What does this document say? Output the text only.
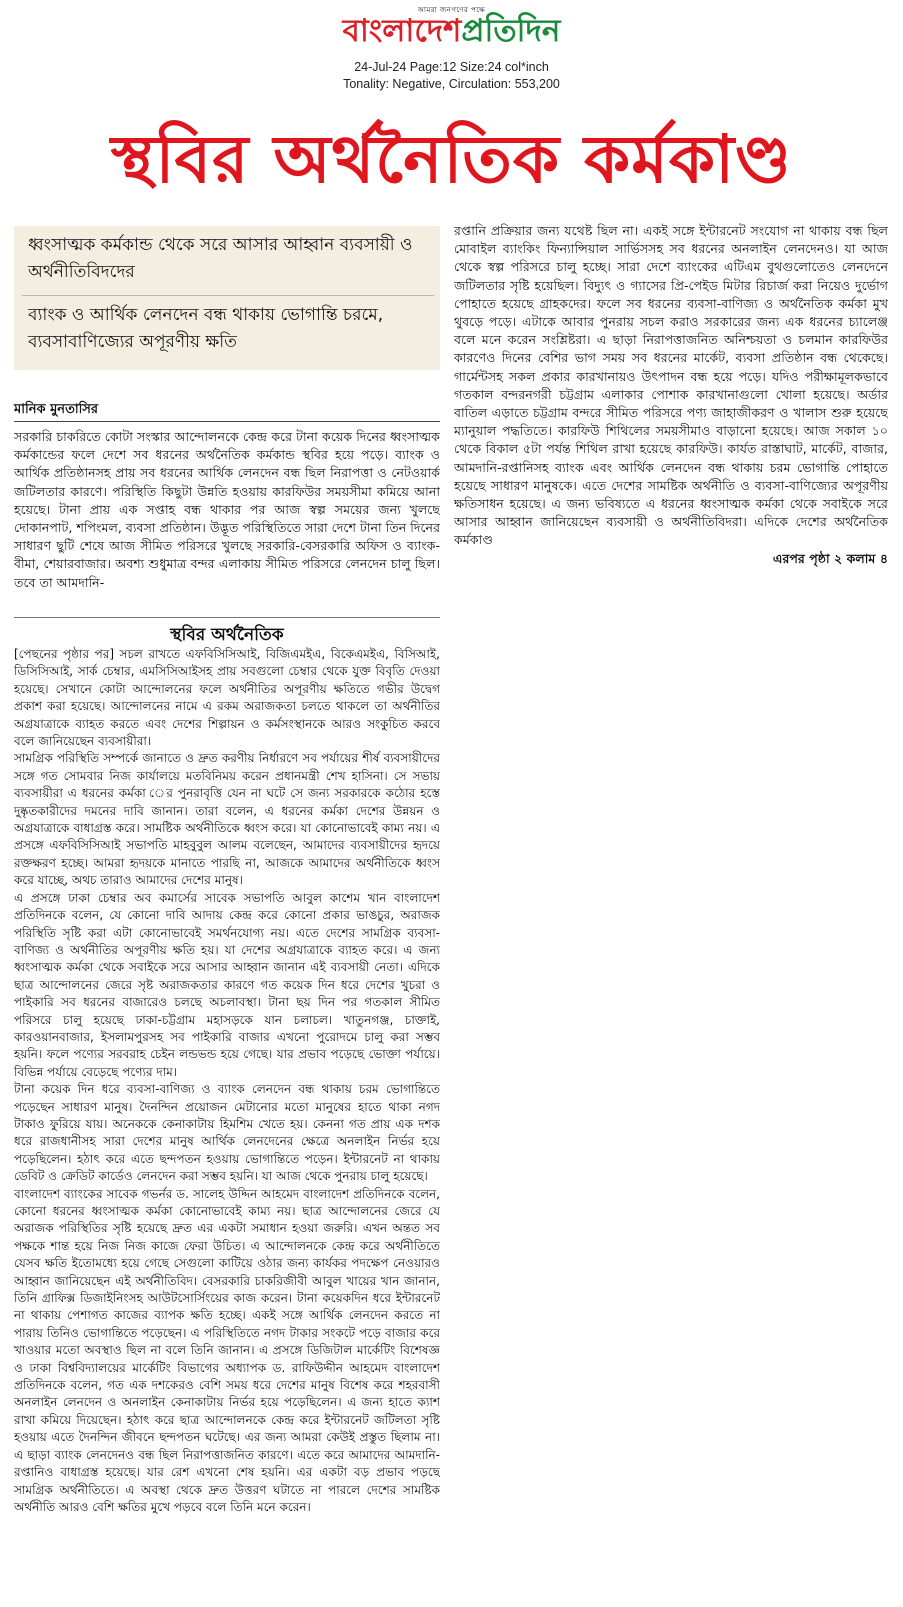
আমরা জনগণের পক্ষে
বাংলাদেশপ্রতিদিন
24-Jul-24 Page:12 Size:24 col*inch
Tonality: Negative, Circulation: 553,200
স্থবির অর্থনৈতিক কর্মকাণ্ড
ধ্বংসাত্মক কর্মকান্ড থেকে সরে আসার আহ্বান ব্যবসায়ী ও অর্থনীতিবিদদের
ব্যাংক ও আর্থিক লেনদেন বন্ধ থাকায় ভোগান্তি চরমে, ব্যবসাবাণিজ্যের অপূরণীয় ক্ষতি
মানিক মুনতাসির

সরকারি চাকরিতে কোটা সংস্কার আন্দোলনকে কেন্দ্র করে টানা কয়েক দিনের ধ্বংসাত্মক কর্মকান্ডের ফলে দেশে সব ধরনের অর্থনৈতিক কর্মকান্ড স্থবির হয়ে পড়ে। ব্যাংক ও আর্থিক প্রতিষ্ঠানসহ প্রায় সব ধরনের আর্থিক লেনদেন বন্ধ ছিল নিরাপত্তা ও নেটওয়ার্ক জটিলতার কারণে। পরিস্থিতি কিছুটা উন্নতি হওয়ায় কারফিউর সময়সীমা কমিয়ে আনা হয়েছে। টানা প্রায় এক সপ্তাহ বন্ধ থাকার পর আজ স্বল্প সময়ের জন্য খুলছে দোকানপাট, শপিংমল, ব্যবসা প্রতিষ্ঠান। উদ্ভূত পরিস্থিতিতে সারা দেশে টানা তিন দিনের সাধারণ ছুটি শেষে আজ সীমিত পরিসরে খুলছে সরকারি-বেসরকারি অফিস ও ব্যাংক-বীমা, শেয়ারবাজার। অবশ্য শুধুমাত্র বন্দর এলাকায় সীমিত পরিসরে লেনদেন চালু ছিল। তবে তা আমদানি-

রপ্তানি প্রক্রিয়ার জন্য যথেষ্ট ছিল না। একই সঙ্গে ইন্টারনেট সংযোগ না থাকায় বন্ধ ছিল মোবাইল ব্যাংকিং ফিন্যান্সিয়াল সার্ভিসসহ সব ধরনের অনলাইন লেনদেনও। যা আজ থেকে স্বল্প পরিসরে চালু হচ্ছে। সারা দেশে ব্যাংকের এটিএম বুথগুলোতেও লেনদেনে জটিলতার সৃষ্টি হয়েছিল। বিদ্যুৎ ও গ্যাসের প্রি-পেইড মিটার রিচার্জ করা নিয়েও দুর্ভোগ পোহাতে হয়েছে গ্রাহকদের। ফলে সব ধরনের ব্যবসা-বাণিজ্য ও অর্থনৈতিক কর্মকা মুখ থুবড়ে পড়ে। এটাকে আবার পুনরায় সচল করাও সরকারের জন্য এক ধরনের চ্যালেঞ্জ বলে মনে করেন সংশ্লিষ্টরা। এ ছাড়া নিরাপত্তাজনিত অনিশ্চয়তা ও চলমান কারফিউর কারণেও দিনের বেশির ভাগ সময় সব ধরনের মার্কেট, ব্যবসা প্রতিষ্ঠান বন্ধ থেকেছে। গার্মেন্টসহ সকল প্রকার কারখানায়ও উৎপাদন বন্ধ হয়ে পড়ে। যদিও পরীক্ষামূলকভাবে গতকাল বন্দরনগরী চট্টগ্রাম এলাকার পোশাক কারখানাগুলো খোলা হয়েছে। অর্ডার বাতিল এড়াতে চট্টগ্রাম বন্দরে সীমিত পরিসরে পণ্য জাহাজীকরণ ও খালাস শুরু হয়েছে ম্যানুয়াল পদ্ধতিতে। কারফিউ শিথিলের সময়সীমাও বাড়ানো হয়েছে। আজ সকাল ১০ থেকে বিকাল ৫টা পর্যন্ত শিথিল রাখা হয়েছে কারফিউ। কার্যত রাস্তাঘাট, মার্কেট, বাজার, আমদানি-রপ্তানিসহ ব্যাংক এবং আর্থিক লেনদেন বন্ধ থাকায় চরম ভোগান্তি পোহাতে হয়েছে সাধারণ মানুষকে। এতে দেশের সামষ্টিক অর্থনীতি ও ব্যবসা-বাণিজ্যের অপূরণীয় ক্ষতিসাধন হয়েছে। এ জন্য ভবিষ্যতে এ ধরনের ধ্বংসাত্মক কর্মকা থেকে সবাইকে সরে আসার আহ্বান জানিয়েছেন ব্যবসায়ী ও অর্থনীতিবিদরা। এদিকে দেশের অর্থনৈতিক কর্মকাণ্ড

এরপর পৃষ্ঠা ২ কলাম ৪

স্থবির অর্থনৈতিক

[পেছনের পৃষ্ঠার পর] সচল রাখতে এফবিসিসিআই, বিজিএমইএ, বিকেএমইএ, বিসিআই, ডিসিসিআই, সার্ক চেম্বার, এমসিসিআইসহ প্রায় সবগুলো চেম্বার থেকে যুক্ত বিবৃতি দেওয়া হয়েছে। সেখানে কোটা আন্দোলনের ফলে অর্থনীতির অপূরণীয় ক্ষতিতে গভীর উদ্বেগ প্রকাশ করা হয়েছে। আন্দোলনের নামে এ রকম অরাজকতা চলতে থাকলে তা অর্থনীতির অগ্রযাত্রাকে ব্যাহত করতে এবং দেশের শিল্পায়ন ও কর্মসংস্থানকে আরও সংকুচিত করবে বলে জানিয়েছেন ব্যবসায়ীরা।

সামগ্রিক পরিস্থিতি সম্পর্কে জানাতে ও দ্রুত করণীয় নির্ধারণে সব পর্যায়ের শীর্ষ ব্যবসায়ীদের সঙ্গে গত সোমবার নিজ কার্যালয়ে মতবিনিময় করেন প্রধানমন্ত্রী শেখ হাসিনা। সে সভায় ব্যবসায়ীরা এ ধরনের কর্মকা ের পুনরাবৃত্তি যেন না ঘটে সে জন্য সরকারকে কঠোর হস্তে দুষ্কৃতকারীদের দমনের দাবি জানান। তারা বলেন, এ ধরনের কর্মকা দেশের উন্নয়ন ও অগ্রযাত্রাকে বাধাগ্রস্ত করে। সামষ্টিক অর্থনীতিকে ধ্বংস করে। যা কোনোভাবেই কাম্য নয়। এ প্রসঙ্গে এফবিসিসিআই সভাপতি মাহবুবুল আলম বলেছেন, আমাদের ব্যবসায়ীদের হৃদয়ে রক্তক্ষরণ হচ্ছে। আমরা হৃদয়কে মানাতে পারছি না, আজকে আমাদের অর্থনীতিকে ধ্বংস করে যাচ্ছে, অথচ তারাও আমাদের দেশের মানুষ।

এ প্রসঙ্গে ঢাকা চেম্বার অব কমার্সের সাবেক সভাপতি আবুল কাশেম খান বাংলাদেশ প্রতিদিনকে বলেন, যে কোনো দাবি আদায় কেন্দ্র করে কোনো প্রকার ভাঙচুর, অরাজক পরিস্থিতি সৃষ্টি করা এটা কোনোভাবেই সমর্থনযোগ্য নয়। এতে দেশের সামগ্রিক ব্যবসা-বাণিজ্য ও অর্থনীতির অপূরণীয় ক্ষতি হয়। যা দেশের অগ্রযাত্রাকে ব্যাহত করে। এ জন্য ধ্বংসাত্মক কর্মকা থেকে সবাইকে সরে আসার আহ্বান জানান এই ব্যবসায়ী নেতা। এদিকে ছাত্র আন্দোলনের জেরে সৃষ্ট অরাজকতার কারণে গত কয়েক দিন ধরে দেশের খুচরা ও পাইকারি সব ধরনের বাজারেও চলছে অচলাবস্থা। টানা ছয় দিন পর গতকাল সীমিত পরিসরে চালু হয়েছে ঢাকা-চট্টগ্রাম মহাসড়কে যান চলাচল। খাতুনগঞ্জ, চাক্তাই, কারওয়ানবাজার, ইসলামপুরসহ সব পাইকারি বাজার এখনো পুরোদমে চালু করা সম্ভব হয়নি। ফলে পণ্যের সরবরাহ চেইন লন্ডভন্ড হয়ে গেছে। যার প্রভাব পড়েছে ভোক্তা পর্যায়ে। বিভিন্ন পর্যায়ে বেড়েছে পণ্যের দাম।

টানা কয়েক দিন ধরে ব্যবসা-বাণিজ্য ও ব্যাংক লেনদেন বন্ধ থাকায় চরম ভোগান্তিতে পড়েছেন সাধারণ মানুষ। দৈনন্দিন প্রয়োজন মেটানোর মতো মানুষের হাতে থাকা নগদ টাকাও ফুরিয়ে যায়। অনেককে কেনাকাটায় হিমশিম খেতে হয়। কেননা গত প্রায় এক দশক ধরে রাজধানীসহ সারা দেশের মানুষ আর্থিক লেনদেনের ক্ষেত্রে অনলাইন নির্ভর হয়ে পড়েছিলেন। হঠাৎ করে এতে ছন্দপতন হওয়ায় ভোগান্তিতে পড়েন। ইন্টারনেট না থাকায় ডেবিট ও ক্রেডিট কার্ডেও লেনদেন করা সম্ভব হয়নি। যা আজ থেকে পুনরায় চালু হয়েছে।

বাংলাদেশ ব্যাংকের সাবেক গভর্নর ড. সালেহ উদ্দিন আহমেদ বাংলাদেশ প্রতিদিনকে বলেন, কোনো ধরনের ধ্বংসাত্মক কর্মকা কোনোভাবেই কাম্য নয়। ছাত্র আন্দোলনের জেরে যে অরাজক পরিস্থিতির সৃষ্টি হয়েছে দ্রুত এর একটা সমাধান হওয়া জরুরি। এখন অন্তত সব পক্ষকে শান্ত হয়ে নিজ নিজ কাজে ফেরা উচিত। এ আন্দোলনকে কেন্দ্র করে অর্থনীতিতে যেসব ক্ষতি ইতোমধ্যে হয়ে গেছে সেগুলো কাটিয়ে ওঠার জন্য কার্যকর পদক্ষেপ নেওয়ারও আহ্বান জানিয়েছেন এই অর্থনীতিবিদ। বেসরকারি চাকরিজীবী আবুল খায়ের খান জানান, তিনি গ্রাফিক্স ডিজাইনিংসহ আউটসোর্সিংয়ের কাজ করেন। টানা কয়েকদিন ধরে ইন্টারনেট না থাকায় পেশাগত কাজের ব্যাপক ক্ষতি হচ্ছে। একই সঙ্গে আর্থিক লেনদেন করতে না পারায় তিনিও ভোগান্তিতে পড়েছেন। এ পরিস্থিতিতে নগদ টাকার সংকটে পড়ে বাজার করে খাওয়ার মতো অবস্থাও ছিল না বলে তিনি জানান। এ প্রসঙ্গে ডিজিটাল মার্কেটিং বিশেষজ্ঞ ও ঢাকা বিশ্ববিদ্যালয়ের মার্কেটিং বিভাগের অধ্যাপক ড. রাফিউদ্দীন আহমেদ বাংলাদেশ প্রতিদিনকে বলেন, গত এক দশকেরও বেশি সময় ধরে দেশের মানুষ বিশেষ করে শহরবাসী অনলাইন লেনদেন ও অনলাইন কেনাকাটায় নির্ভর হয়ে পড়েছিলেন। এ জন্য হাতে ক্যাশ রাখা কমিয়ে দিয়েছেন। হঠাৎ করে ছাত্র আন্দোলনকে কেন্দ্র করে ইন্টারনেট জটিলতা সৃষ্টি হওয়ায় এতে দৈনন্দিন জীবনে ছন্দপতন ঘটেছে। এর জন্য আমরা কেউই প্রস্তুত ছিলাম না। এ ছাড়া ব্যাংক লেনদেনও বন্ধ ছিল নিরাপত্তাজনিত কারণে। এতে করে আমাদের আমদানি-রপ্তানিও বাধাগ্রস্ত হয়েছে। যার রেশ এখনো শেষ হয়নি। এর একটা বড় প্রভাব পড়ছে সামগ্রিক অর্থনীতিতে। এ অবস্থা থেকে দ্রুত উত্তরণ ঘটাতে না পারলে দেশের সামষ্টিক অর্থনীতি আরও বেশি ক্ষতির মুখে পড়বে বলে তিনি মনে করেন।
